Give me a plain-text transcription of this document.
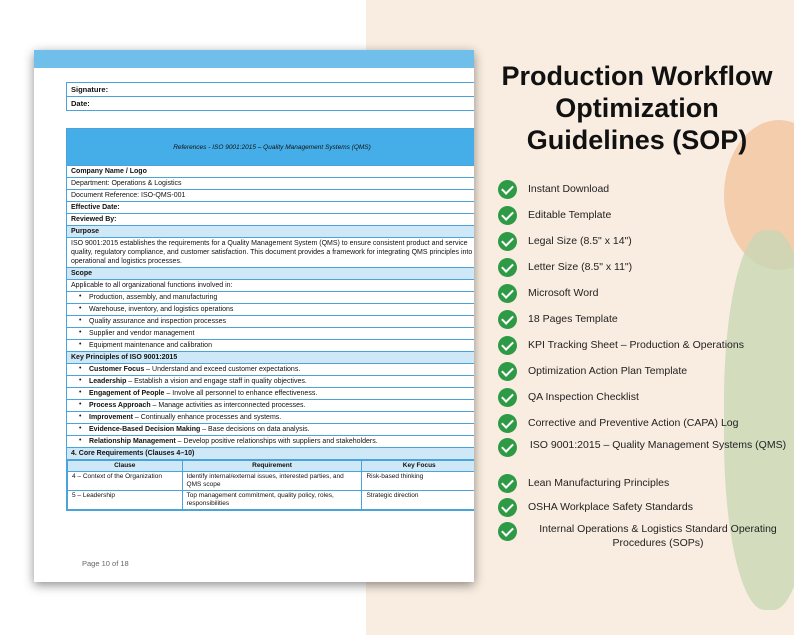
Signature:
Date:
References - ISO 9001:2015 – Quality Management Systems (QMS)
Company Name / Logo
Department: Operations & Logistics
Document Reference: ISO-QMS-001
Effective Date:
Reviewed By:
Purpose
ISO 9001:2015 establishes the requirements for a Quality Management System (QMS) to ensure consistent product and service quality, regulatory compliance, and customer satisfaction. This document provides a framework for integrating QMS principles into operational and logistics processes.
Scope
Applicable to all organizational functions involved in:
• Production, assembly, and manufacturing
• Warehouse, inventory, and logistics operations
• Quality assurance and inspection processes
• Supplier and vendor management
• Equipment maintenance and calibration
Key Principles of ISO 9001:2015
• Customer Focus – Understand and exceed customer expectations.
• Leadership – Establish a vision and engage staff in quality objectives.
• Engagement of People – Involve all personnel to enhance effectiveness.
• Process Approach – Manage activities as interconnected processes.
• Improvement – Continually enhance processes and systems.
• Evidence-Based Decision Making – Base decisions on data analysis.
• Relationship Management – Develop positive relationships with suppliers and stakeholders.
4. Core Requirements (Clauses 4–10)

Clause	Requirement	Key Focus
4 – Context of the Organization	Identify internal/external issues, interested parties, and QMS scope	Risk-based thinking
5 – Leadership	Top management commitment, quality policy, roles, responsibilities	Strategic direction
Page 10 of 18
Production Workflow Optimization Guidelines (SOP)
Instant Download
Editable Template
Legal Size (8.5" x 14")
Letter Size (8.5" x 11")
Microsoft Word
18 Pages Template
KPI Tracking Sheet – Production & Operations
Optimization Action Plan Template
QA Inspection Checklist
Corrective and Preventive Action (CAPA) Log
ISO 9001:2015 – Quality Management Systems (QMS)
Lean Manufacturing Principles
OSHA Workplace Safety Standards
Internal Operations & Logistics Standard Operating Procedures (SOPs)
